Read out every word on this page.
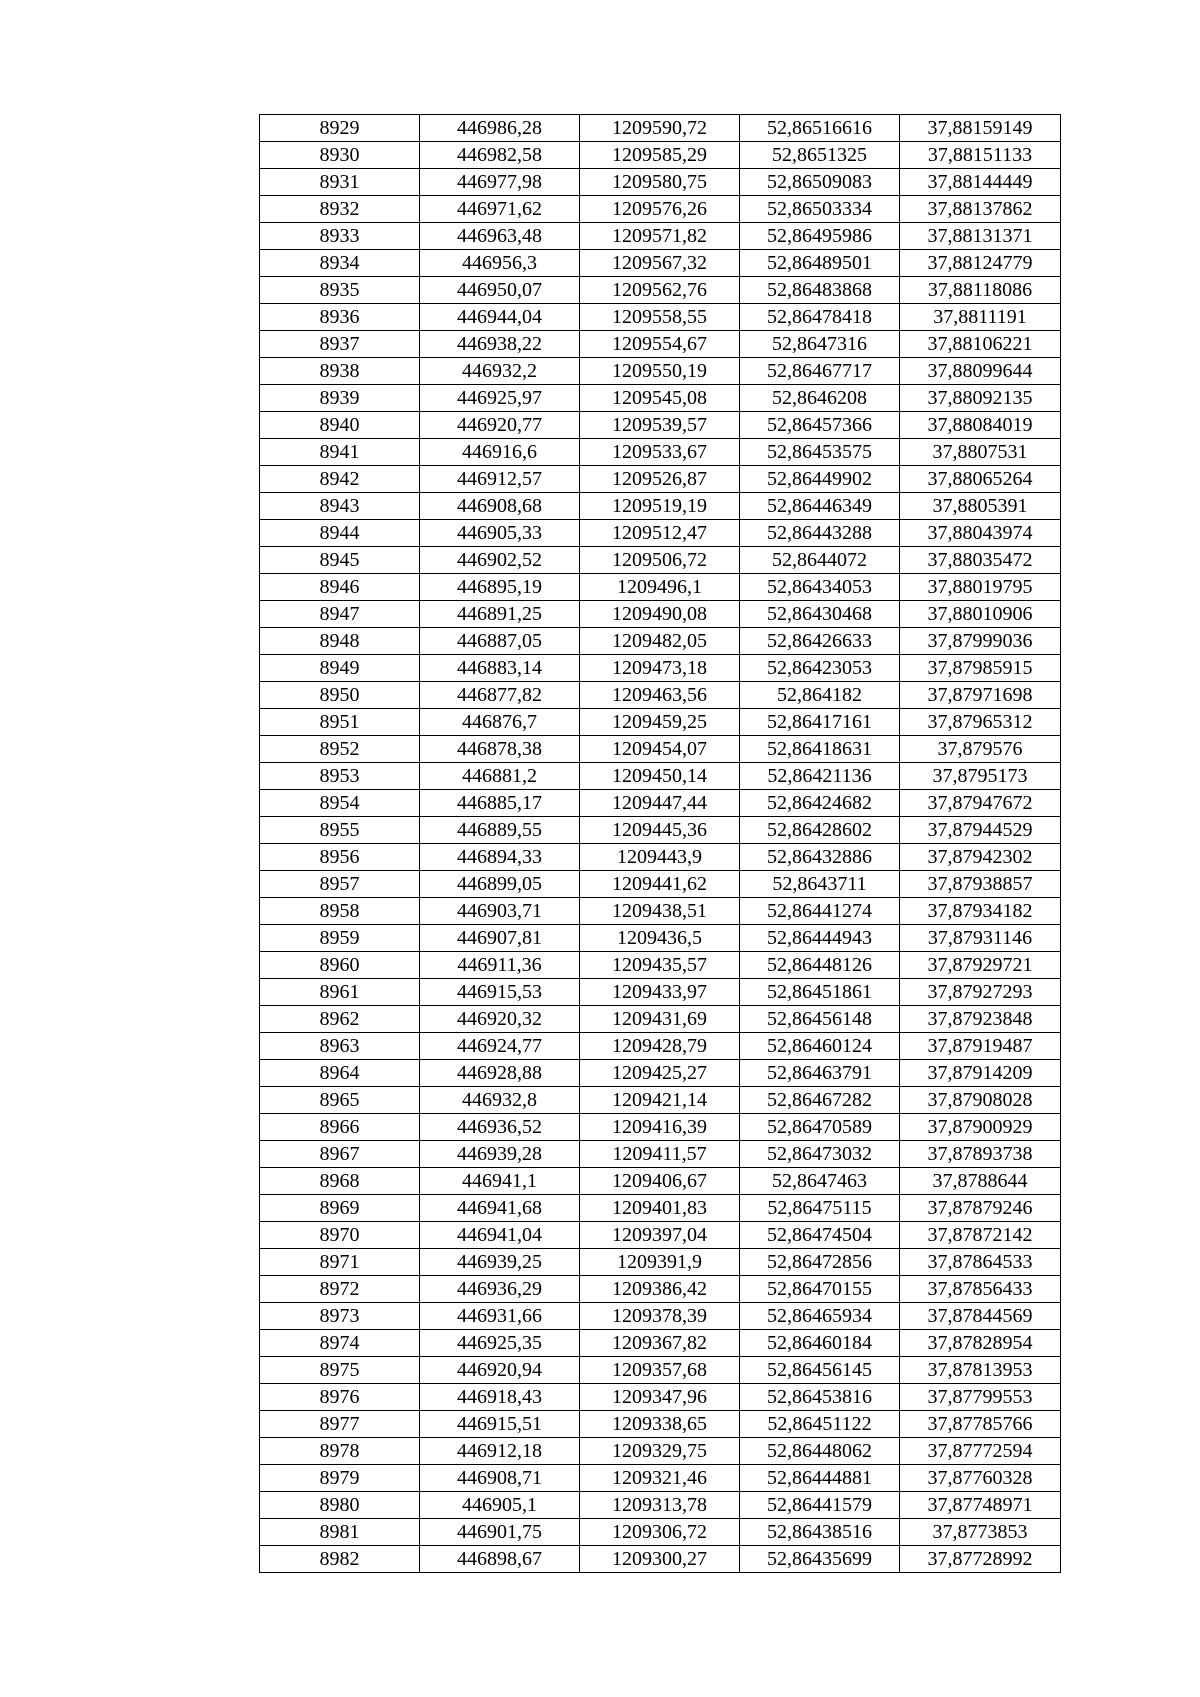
8929	446986,28	1209590,72	52,86516616	37,88159149
8930	446982,58	1209585,29	52,8651325	37,88151133
8931	446977,98	1209580,75	52,86509083	37,88144449
8932	446971,62	1209576,26	52,86503334	37,88137862
8933	446963,48	1209571,82	52,86495986	37,88131371
8934	446956,3	1209567,32	52,86489501	37,88124779
8935	446950,07	1209562,76	52,86483868	37,88118086
8936	446944,04	1209558,55	52,86478418	37,8811191
8937	446938,22	1209554,67	52,8647316	37,88106221
8938	446932,2	1209550,19	52,86467717	37,88099644
8939	446925,97	1209545,08	52,8646208	37,88092135
8940	446920,77	1209539,57	52,86457366	37,88084019
8941	446916,6	1209533,67	52,86453575	37,8807531
8942	446912,57	1209526,87	52,86449902	37,88065264
8943	446908,68	1209519,19	52,86446349	37,8805391
8944	446905,33	1209512,47	52,86443288	37,88043974
8945	446902,52	1209506,72	52,8644072	37,88035472
8946	446895,19	1209496,1	52,86434053	37,88019795
8947	446891,25	1209490,08	52,86430468	37,88010906
8948	446887,05	1209482,05	52,86426633	37,87999036
8949	446883,14	1209473,18	52,86423053	37,87985915
8950	446877,82	1209463,56	52,864182	37,87971698
8951	446876,7	1209459,25	52,86417161	37,87965312
8952	446878,38	1209454,07	52,86418631	37,879576
8953	446881,2	1209450,14	52,86421136	37,8795173
8954	446885,17	1209447,44	52,86424682	37,87947672
8955	446889,55	1209445,36	52,86428602	37,87944529
8956	446894,33	1209443,9	52,86432886	37,87942302
8957	446899,05	1209441,62	52,8643711	37,87938857
8958	446903,71	1209438,51	52,86441274	37,87934182
8959	446907,81	1209436,5	52,86444943	37,87931146
8960	446911,36	1209435,57	52,86448126	37,87929721
8961	446915,53	1209433,97	52,86451861	37,87927293
8962	446920,32	1209431,69	52,86456148	37,87923848
8963	446924,77	1209428,79	52,86460124	37,87919487
8964	446928,88	1209425,27	52,86463791	37,87914209
8965	446932,8	1209421,14	52,86467282	37,87908028
8966	446936,52	1209416,39	52,86470589	37,87900929
8967	446939,28	1209411,57	52,86473032	37,87893738
8968	446941,1	1209406,67	52,8647463	37,8788644
8969	446941,68	1209401,83	52,86475115	37,87879246
8970	446941,04	1209397,04	52,86474504	37,87872142
8971	446939,25	1209391,9	52,86472856	37,87864533
8972	446936,29	1209386,42	52,86470155	37,87856433
8973	446931,66	1209378,39	52,86465934	37,87844569
8974	446925,35	1209367,82	52,86460184	37,87828954
8975	446920,94	1209357,68	52,86456145	37,87813953
8976	446918,43	1209347,96	52,86453816	37,87799553
8977	446915,51	1209338,65	52,86451122	37,87785766
8978	446912,18	1209329,75	52,86448062	37,87772594
8979	446908,71	1209321,46	52,86444881	37,87760328
8980	446905,1	1209313,78	52,86441579	37,87748971
8981	446901,75	1209306,72	52,86438516	37,8773853
8982	446898,67	1209300,27	52,86435699	37,87728992
